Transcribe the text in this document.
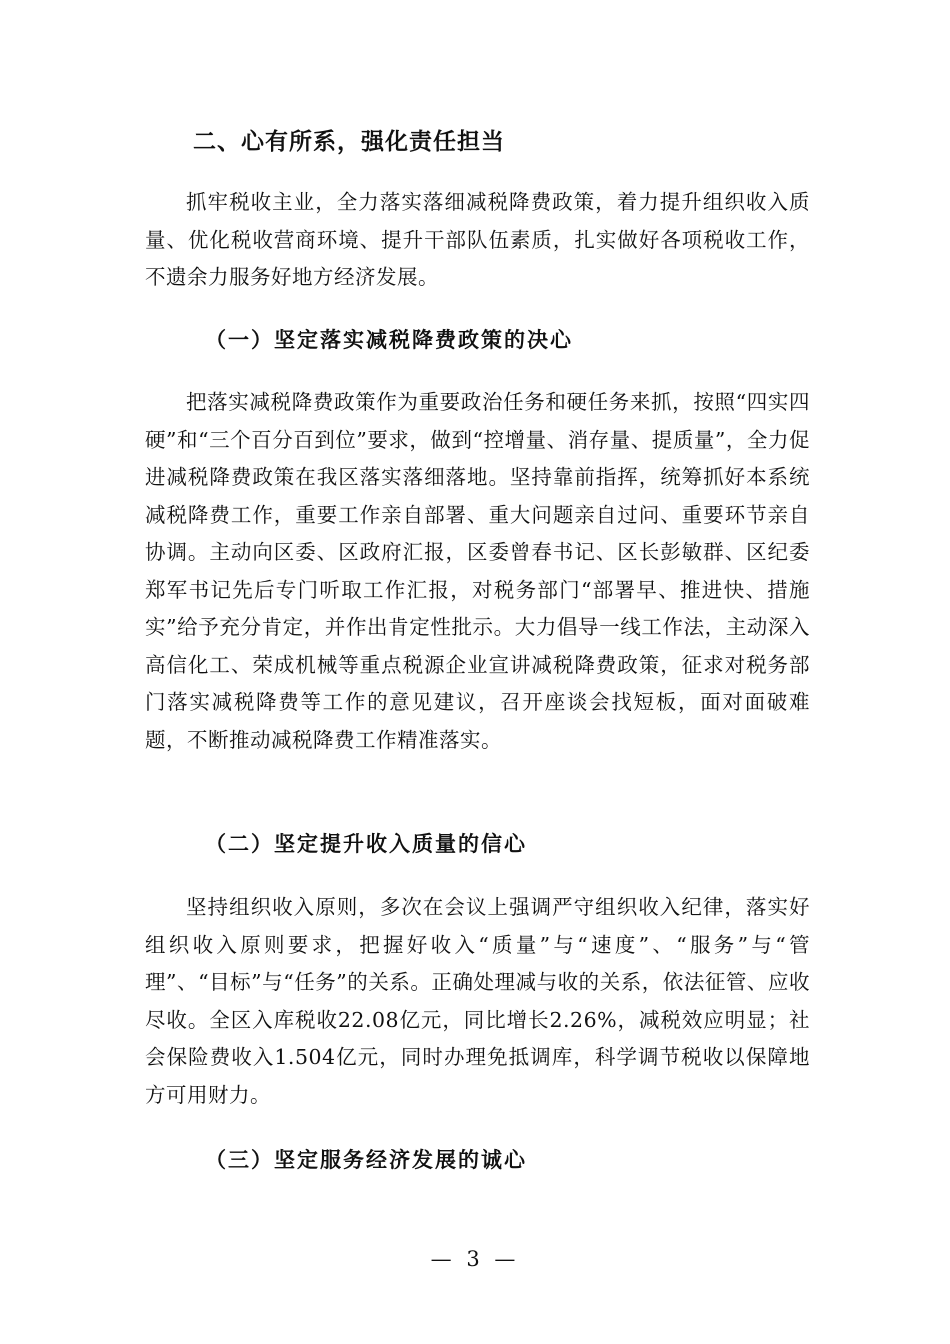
二、心有所系，强化责任担当
抓牢税收主业，全力落实落细减税降费政策，着力提升组织收入质量、优化税收营商环境、提升干部队伍素质，扎实做好各项税收工作，不遗余力服务好地方经济发展。
（一）坚定落实减税降费政策的决心
把落实减税降费政策作为重要政治任务和硬任务来抓，按照“四实四硬”和“三个百分百到位”要求，做到“控增量、消存量、提质量”，全力促进减税降费政策在我区落实落细落地。坚持靠前指挥，统筹抓好本系统减税降费工作，重要工作亲自部署、重大问题亲自过问、重要环节亲自协调。主动向区委、区政府汇报，区委曾春书记、区长彭敏群、区纪委郑军书记先后专门听取工作汇报，对税务部门“部署早、推进快、措施实”给予充分肯定，并作出肯定性批示。大力倡导一线工作法，主动深入高信化工、荣成机械等重点税源企业宣讲减税降费政策，征求对税务部门落实减税降费等工作的意见建议，召开座谈会找短板，面对面破难题，不断推动减税降费工作精准落实。
（二）坚定提升收入质量的信心
坚持组织收入原则，多次在会议上强调严守组织收入纪律，落实好组织收入原则要求，把握好收入“质量”与“速度”、“服务”与“管理”、“目标”与“任务”的关系。正确处理减与收的关系，依法征管、应收尽收。全区入库税收22.08亿元，同比增长2.26%，减税效应明显；社会保险费收入1.504亿元，同时办理免抵调库，科学调节税收以保障地方可用财力。
（三）坚定服务经济发展的诚心
— 3 —
